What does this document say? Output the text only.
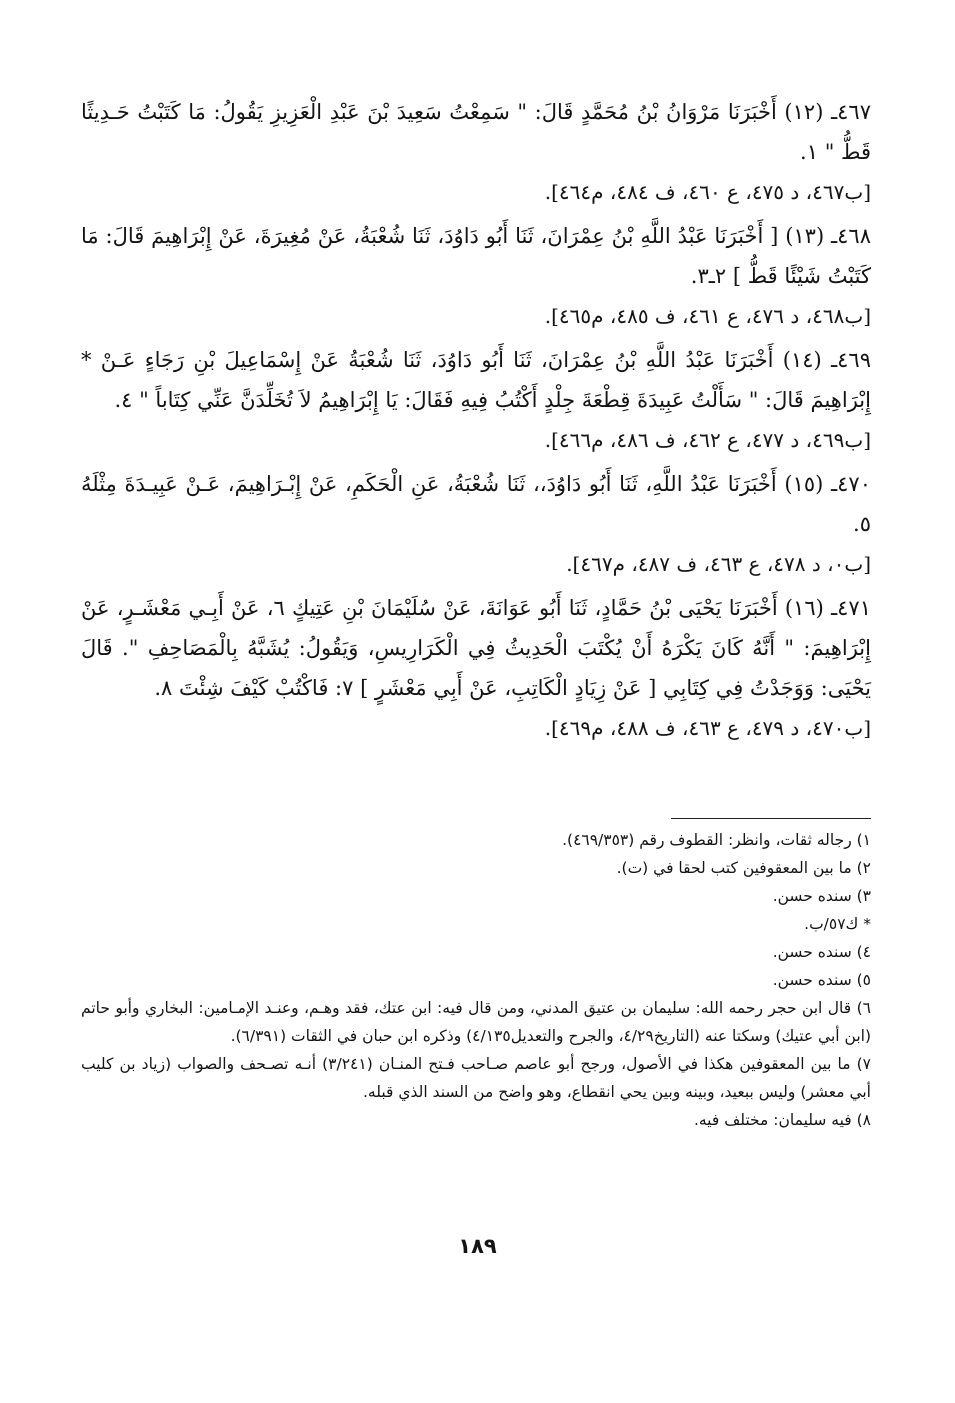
٤٦٧ـ (١٢) أَخْبَرَنَا مَرْوَانُ بْنُ مُحَمَّدٍ قَالَ: " سَمِعْتُ سَعِيدَ بْنَ عَبْدِ الْعَزِيزِ يَقُولُ: مَا كَتَبْتُ حَـدِيثًا قَطُّ " ١.

[ب٤٦٧، د ٤٧٥، ع ٤٦٠، ف ٤٨٤، م٤٦٤].

٤٦٨ـ (١٣) [ أَخْبَرَنَا عَبْدُ اللَّهِ بْنُ عِمْرَانَ، ثَنَا أَبُو دَاوُدَ، ثَنَا شُعْبَةُ، عَنْ مُغِيرَةَ، عَنْ إِبْرَاهِيمَ قَالَ: مَا كَتَبْتُ شَيْئًا قَطُّ ] ٢ـ٣.

[ب٤٦٨، د ٤٧٦، ع ٤٦١، ف ٤٨٥، م٤٦٥].

٤٦٩ـ (١٤) أَخْبَرَنَا عَبْدُ اللَّهِ بْنُ عِمْرَانَ، ثَنَا أَبُو دَاوُدَ، ثَنَا شُعْبَةُ عَنْ إِسْمَاعِيلَ بْنِ رَجَاءٍ عَـنْ * إِبْرَاهِيمَ قَالَ: " سَأَلْتُ عَبِيدَةَ قِطْعَةَ جِلْدٍ أَكْتُبُ فِيهِ فَقَالَ: يَا إِبْرَاهِيمُ لاَ تُخَلِّدَنَّ عَنِّي كِتَاباً " ٤.

[ب٤٦٩، د ٤٧٧، ع ٤٦٢، ف ٤٨٦، م٤٦٦].

٤٧٠ـ (١٥) أَخْبَرَنَا عَبْدُ اللَّهِ، ثَنَا أَبُو دَاوُدَ،، ثَنَا شُعْبَةُ، عَنِ الْحَكَمِ، عَنْ إِبْـرَاهِيمَ، عَـنْ عَبِيـدَةَ مِثْلَهُ ٥.

[ب٠، د ٤٧٨، ع ٤٦٣، ف ٤٨٧، م٤٦٧].

٤٧١ـ (١٦) أَخْبَرَنَا يَحْيَى بْنُ حَمَّادٍ، ثَنَا أَبُو عَوَانَةَ، عَنْ سُلَيْمَانَ بْنِ عَتِيكٍ ٦، عَنْ أَبِـي مَعْشَـرٍ، عَنْ إِبْرَاهِيمَ: " أَنَّهُ كَانَ يَكْرَهُ أَنْ يُكْتَبَ الْحَدِيثُ فِي الْكَرَارِيسِ، وَيَقُولُ: يُشَبَّهُ بِالْمَصَاحِفِ ". قَالَ يَحْيَى: وَوَجَدْتُ فِي كِتَابِي [ عَنْ زِيَادٍ الْكَاتِبِ، عَنْ أَبِي مَعْشَرٍ ] ٧: فَاكْتُبْ كَيْفَ شِئْتَ ٨.

[ب٤٧٠، د ٤٧٩، ع ٤٦٣، ف ٤٨٨، م٤٦٩].

١) رجاله ثقات، وانظر: القطوف رقم (٤٦٩/٣٥٣).

٢) ما بين المعقوفين كتب لحقا في (ت).

٣) سنده حسن.

* ك٥٧/ب.

٤) سنده حسن.

٥) سنده حسن.

٦) قال ابن حجر رحمه الله: سليمان بن عتيق المدني، ومن قال فيه: ابن عتك، فقد وهـم، وعنـد الإمـامين: البخاري وأبو حاتم (ابن أبي عتيك) وسكتا عنه (التاريخ٤/٢٩، والجرح والتعديل٤/١٣٥) وذكره ابن حبان في الثقات (٦/٣٩١).

٧) ما بين المعقوفين هكذا في الأصول، ورجح أبو عاصم صـاحب فـتح المنـان (٣/٢٤١) أنـه تصـحف والصواب (زياد بن كليب أبي معشر) وليس ببعيد، وبينه وبين يحي انقطاع، وهو واضح من السند الذي قبله.

٨) فيه سليمان: مختلف فيه.

١٨٩
